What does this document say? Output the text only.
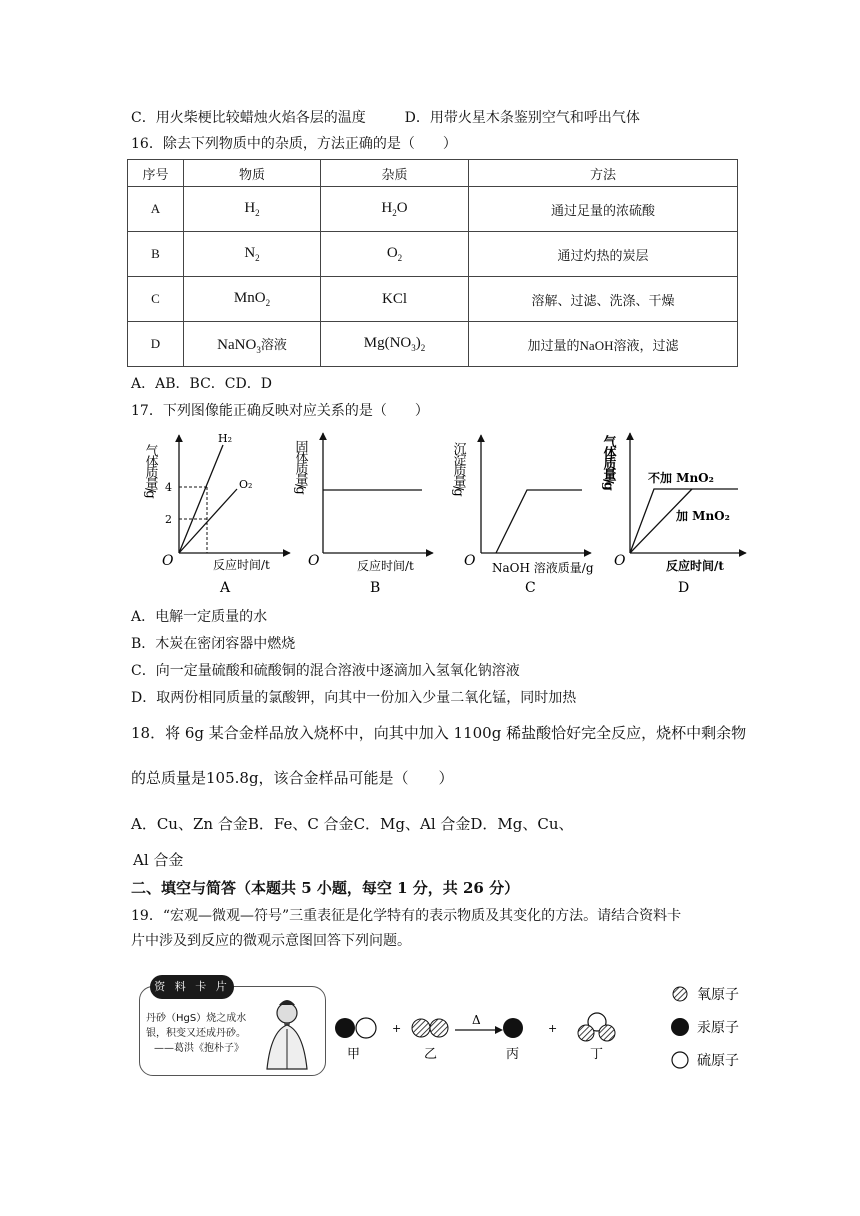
C．用火柴梗比较蜡烛火焰各层的温度	D．用带火星木条鉴别空气和呼出气体
16．除去下列物质中的杂质，方法正确的是（　　）
序号	物质	杂质	方法
A	$H_2$	$H_2O$	通过足量的浓硫酸
B	$N_2$	$O_2$	通过灼热的炭层
C	MnO$_2$	KCl	溶解、过滤、洗涤、干燥
D	NaNO$_3$溶液	$Mg(NO_3)_2$	加过量的NaOH溶液，过滤
A．AB．BC．CD．D
17．下列图像能正确反映对应关系的是（　　）
气体质量/g 4
2
H₂
O₂
O	反应时间/t
A
固体质量/g
O	反应时间/t
B
沉淀质量/g
O NaOH 溶液质量/g
C
气体质量/g	不加 MnO₂
加 MnO₂
O	反应时间/t
D
A．电解一定质量的水
B．木炭在密闭容器中燃烧
C．向一定量硫酸和硫酸铜的混合溶液中逐滴加入氢氧化钠溶液
D．取两份相同质量的氯酸钾，向其中一份加入少量二氧化锰，同时加热
18．将 6g 某合金样品放入烧杯中，向其中加入 1100g 稀盐酸恰好完全反应，烧杯中剩余物
的总质量是105.8g，该合金样品可能是（　　）
A．Cu、Zn 合金B．Fe、C 合金C．Mg、Al 合金D．Mg、Cu、
Al 合金
二、填空与简答（本题共 5 小题，每空 1 分，共 26 分）
19．“宏观—微观—符号”三重表征是化学特有的表示物质及其变化的方法。请结合资料卡
片中涉及到反应的微观示意图回答下列问题。
资 料 卡 片
丹砂（HgS）烧之成水
银，积变又还成丹砂。
——葛洪《抱朴子》	甲
+
乙
Δ
丙
+
丁
氧原子
汞原子
硫原子
